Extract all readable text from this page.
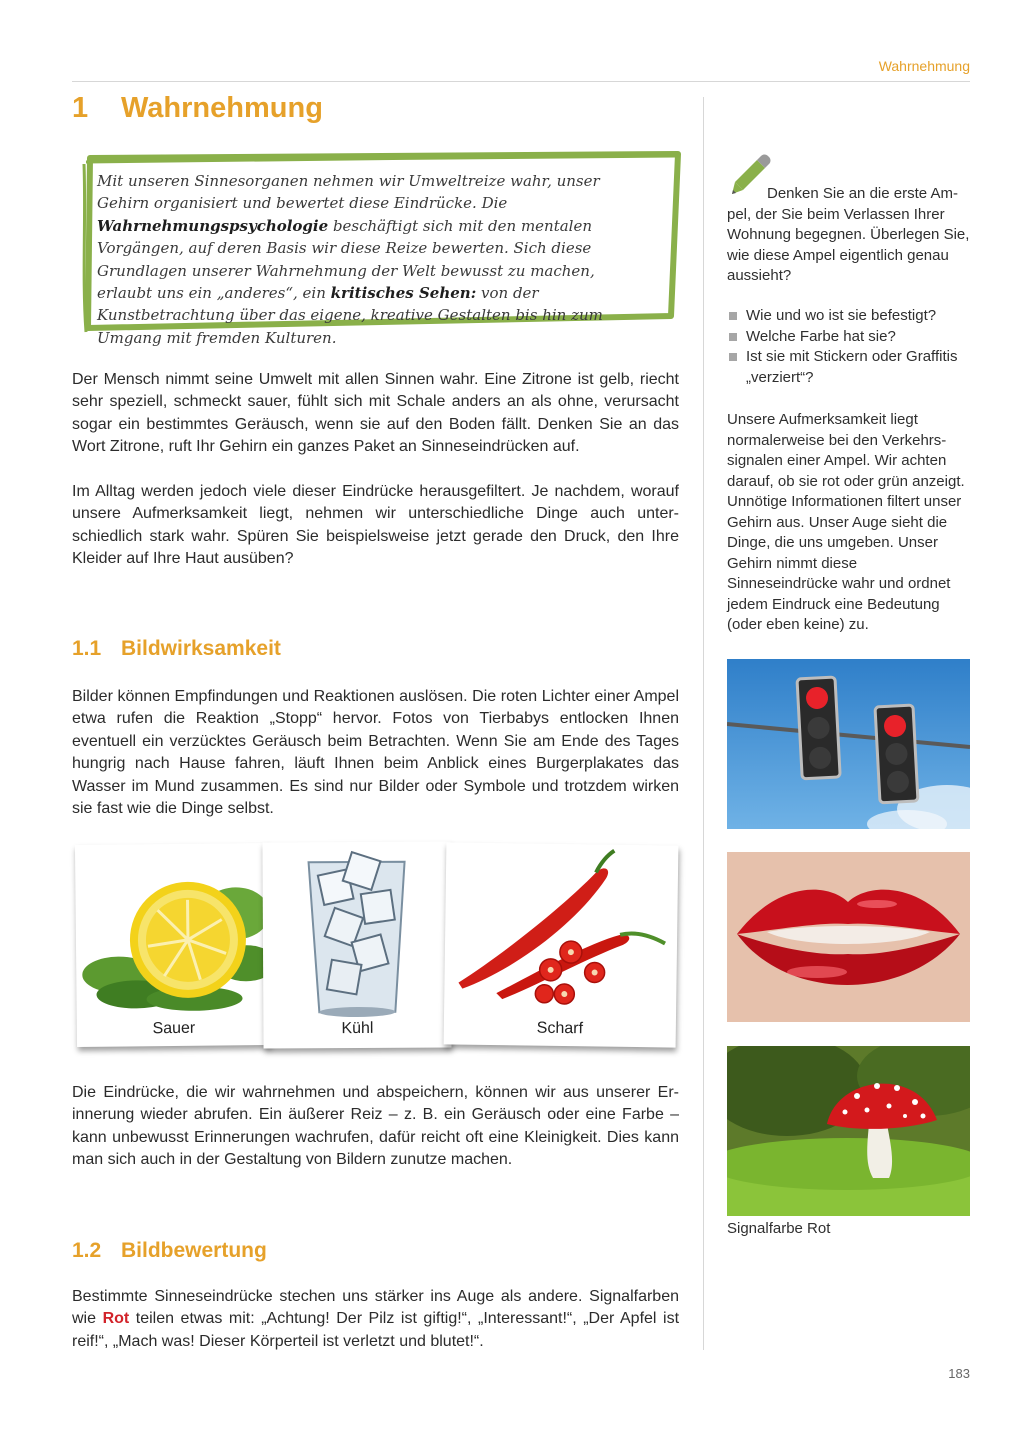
Wahrnehmung
1 Wahrnehmung
Mit unseren Sinnesorganen nehmen wir Umweltreize wahr, unser Gehirn organisiert und bewertet diese Eindrücke. Die Wahrnehmungspsychologie beschäftigt sich mit den mentalen Vorgängen, auf deren Basis wir diese Reize bewerten. Sich diese Grundlagen unserer Wahrnehmung der Welt bewusst zu machen, erlaubt uns ein „anderes“, ein kritisches Sehen: von der Kunstbetrachtung über das eigene, kreative Gestalten bis hin zum Umgang mit fremden Kulturen.
Der Mensch nimmt seine Umwelt mit allen Sinnen wahr. Eine Zitrone ist gelb, riecht sehr speziell, schmeckt sauer, fühlt sich mit Schale anders an als ohne, verursacht sogar ein bestimmtes Geräusch, wenn sie auf den Boden fällt. Denken Sie an das Wort Zitrone, ruft Ihr Gehirn ein ganzes Paket an Sinneseindrücken auf.
Im Alltag werden jedoch viele dieser Eindrücke herausgefiltert. Je nachdem, worauf unsere Aufmerksamkeit liegt, nehmen wir unterschiedliche Dinge auch unterschiedlich stark wahr. Spüren Sie beispielsweise jetzt gerade den Druck, den Ihre Kleider auf Ihre Haut ausüben?
1.1 Bildwirksamkeit
Bilder können Empfindungen und Reaktionen auslösen. Die roten Lichter einer Ampel etwa rufen die Reaktion „Stopp“ hervor. Fotos von Tierbabys entlocken Ihnen eventuell ein verzücktes Geräusch beim Betrachten. Wenn Sie am Ende des Tages hungrig nach Hause fahren, läuft Ihnen beim Anblick eines Burgerplakates das Wasser im Mund zusammen. Es sind nur Bilder oder Symbole und trotzdem wirken sie fast wie die Dinge selbst.
Sauer	Kühl	Scharf
Die Eindrücke, die wir wahrnehmen und abspeichern, können wir aus unserer Erinnerung wieder abrufen. Ein äußerer Reiz – z. B. ein Geräusch oder eine Farbe – kann unbewusst Erinnerungen wachrufen, dafür reicht oft eine Kleinigkeit. Dies kann man sich auch in der Gestaltung von Bildern zunutze machen.
1.2 Bildbewertung
Bestimmte Sinneseindrücke stechen uns stärker ins Auge als andere. Signalfarben wie Rot teilen etwas mit: „Achtung! Der Pilz ist giftig!“, „Interessant!“, „Der Apfel ist reif!“, „Mach was! Dieser Körperteil ist verletzt und blutet!“.
Denken Sie an die erste Ampel, der Sie beim Verlassen Ihrer Wohnung begegnen. Überlegen Sie, wie diese Ampel eigentlich genau aussieht?
Wie und wo ist sie befestigt?
Welche Farbe hat sie?
Ist sie mit Stickern oder Graffitis „verziert“?
Unsere Aufmerksamkeit liegt normalerweise bei den Verkehrssignalen einer Ampel. Wir achten darauf, ob sie rot oder grün anzeigt. Unnötige Informationen filtert unser Gehirn aus. Unser Auge sieht die Dinge, die uns umgeben. Unser Gehirn nimmt diese Sinneseindrücke wahr und ordnet jedem Eindruck eine Bedeutung (oder eben keine) zu.
Signalfarbe Rot
183
